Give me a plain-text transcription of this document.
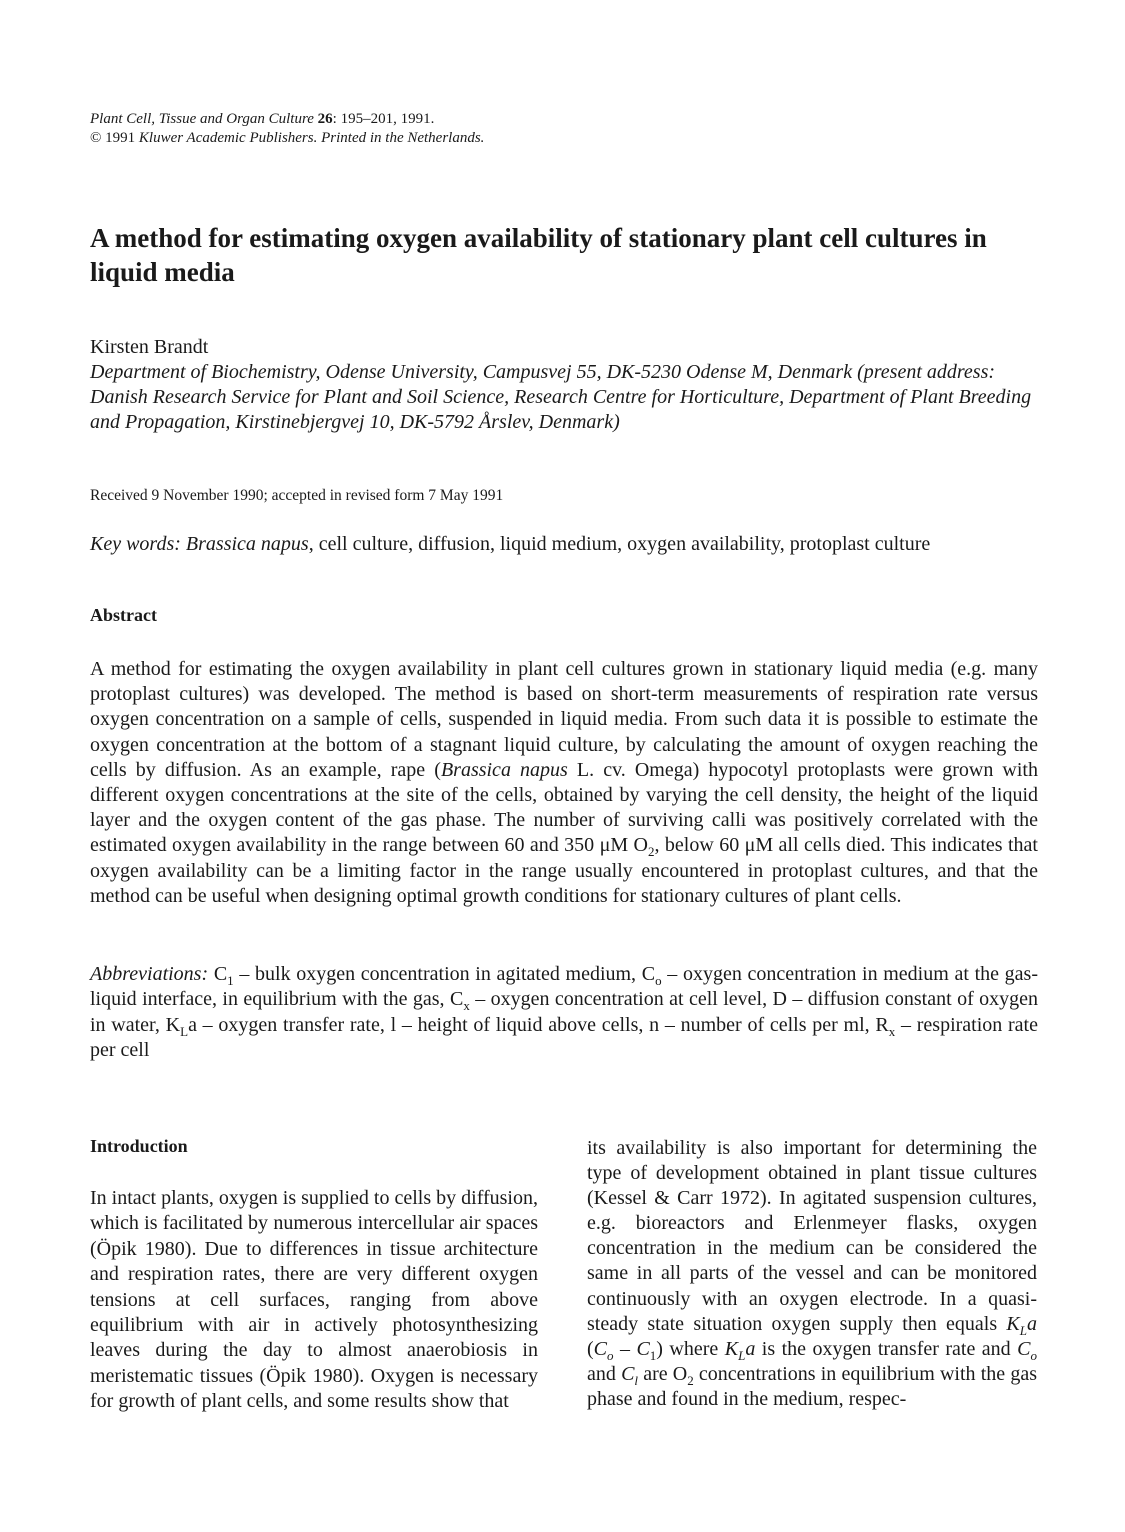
Plant Cell, Tissue and Organ Culture 26: 195–201, 1991.
© 1991 Kluwer Academic Publishers. Printed in the Netherlands.
A method for estimating oxygen availability of stationary plant cell cultures in liquid media
Kirsten Brandt
Department of Biochemistry, Odense University, Campusvej 55, DK-5230 Odense M, Denmark (present address: Danish Research Service for Plant and Soil Science, Research Centre for Horticulture, Department of Plant Breeding and Propagation, Kirstinebjergvej 10, DK-5792 Årslev, Denmark)
Received 9 November 1990; accepted in revised form 7 May 1991
Key words: Brassica napus, cell culture, diffusion, liquid medium, oxygen availability, protoplast culture
Abstract
A method for estimating the oxygen availability in plant cell cultures grown in stationary liquid media (e.g. many protoplast cultures) was developed. The method is based on short-term measurements of respiration rate versus oxygen concentration on a sample of cells, suspended in liquid media. From such data it is possible to estimate the oxygen concentration at the bottom of a stagnant liquid culture, by calculating the amount of oxygen reaching the cells by diffusion. As an example, rape (Brassica napus L. cv. Omega) hypocotyl protoplasts were grown with different oxygen concentrations at the site of the cells, obtained by varying the cell density, the height of the liquid layer and the oxygen content of the gas phase. The number of surviving calli was positively correlated with the estimated oxygen availability in the range between 60 and 350 μM $O_2$, below 60 μM all cells died. This indicates that oxygen availability can be a limiting factor in the range usually encountered in protoplast cultures, and that the method can be useful when designing optimal growth conditions for stationary cultures of plant cells.
Abbreviations: $C_1$ – bulk oxygen concentration in agitated medium, $C_o$ – oxygen concentration in medium at the gas-liquid interface, in equilibrium with the gas, $C_x$ – oxygen concentration at cell level, D – diffusion constant of oxygen in water, $K_La$ – oxygen transfer rate, l – height of liquid above cells, n – number of cells per ml, $R_x$ – respiration rate per cell
Introduction
In intact plants, oxygen is supplied to cells by diffusion, which is facilitated by numerous intercellular air spaces (Öpik 1980). Due to differences in tissue architecture and respiration rates, there are very different oxygen tensions at cell surfaces, ranging from above equilibrium with air in actively photosynthesizing leaves during the day to almost anaerobiosis in meristematic tissues (Öpik 1980). Oxygen is necessary for growth of plant cells, and some results show that
its availability is also important for determining the type of development obtained in plant tissue cultures (Kessel & Carr 1972). In agitated suspension cultures, e.g. bioreactors and Erlenmeyer flasks, oxygen concentration in the medium can be considered the same in all parts of the vessel and can be monitored continuously with an oxygen electrode. In a quasi-steady state situation oxygen supply then equals $K_La$ $(C_o - C_1)$ where $K_La$ is the oxygen transfer rate and $C_o$ and $C_l$ are $O_2$ concentrations in equilibrium with the gas phase and found in the medium, respec-
